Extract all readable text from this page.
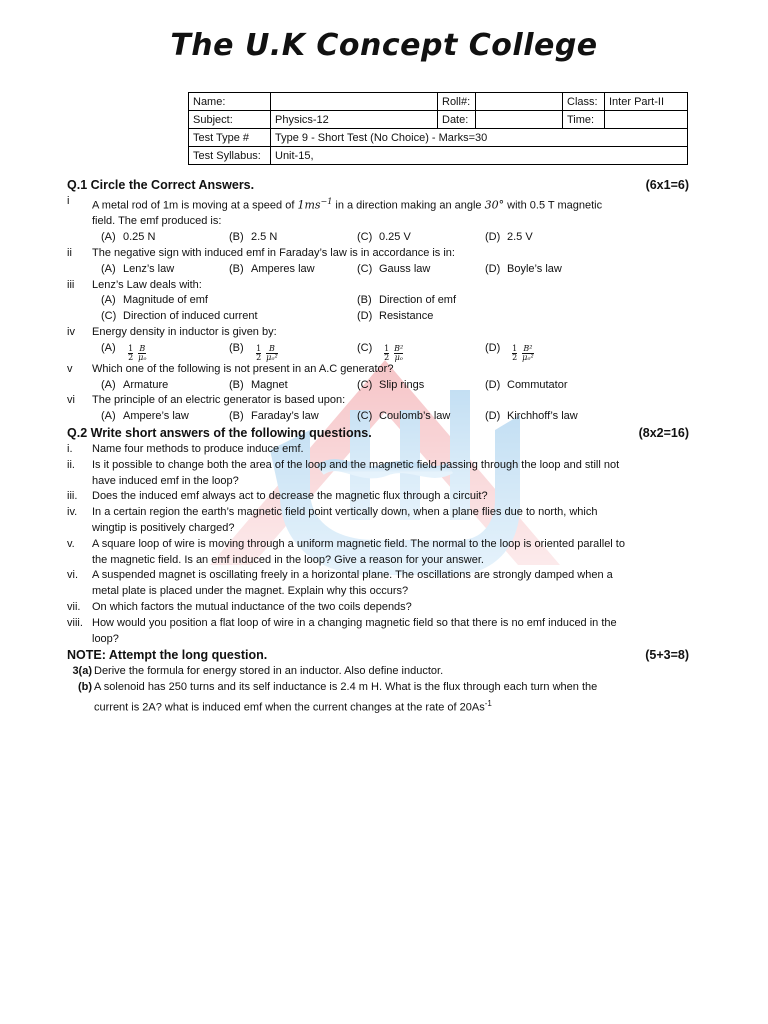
The U.K Concept College
Name:		Roll#:		Class:	Inter Part-II
Subject:	Physics-12	Date:		Time:	
Test Type #	Type 9 - Short Test (No Choice) - Marks=30				
Test Syllabus:	Unit-15,				
Q.1 Circle the Correct Answers.	(6x1=6)
i	A metal rod of 1m is moving at a speed of $1ms^{-1}$ in a direction making an angle 30° with 0.5 T magnetic
field. The emf produced is:
(A) 0.25 N	(B) 2.5 N	(C) 0.25 V	(D) 2.5 V
ii	The negative sign with induced emf in Faraday’s law is in accordance is in:
(A) Lenz’s law	(B) Amperes law	(C) Gauss law	(D) Boyle’s law
iii	Lenz’s Law deals with:
(A) Magnitude of emf	(B) Direction of emf
(C) Direction of induced current	(D) Resistance
iv	Energy density in inductor is given by:
$(A) \frac{1}{2} \frac{B}{\text{μₒ}}$	$(B) \frac{1}{2} \frac{B}{\text{μₒ²}}$	$(C) \frac{1}{2} \frac{\text{B²}}{\text{μₒ}}$	$(D) \frac{1}{2} \frac{\text{B²}}{\text{μₒ²}}$
v	Which one of the following is not present in an A.C generator?
(A) Armature	(B) Magnet	(C) Slip rings	(D) Commutator
vi	The principle of an electric generator is based upon:
(A) Ampere’s law	(B) Faraday’s law	(C) Coulomb’s law	(D) Kirchhoff’s law
Q.2 Write short answers of the following questions.	(8x2=16)
i.	Name four methods to produce induce emf.
ii.	Is it possible to change both the area of the loop and the magnetic field passing through the loop and still not
have induced emf in the loop?
iii.	Does the induced emf always act to decrease the magnetic flux through a circuit?
iv.	In a certain region the earth’s magnetic field point vertically down, when a plane flies due to north, which
wingtip is positively charged?
v.	A square loop of wire is moving through a uniform magnetic field. The normal to the loop is oriented parallel to
the magnetic field. Is an emf induced in the loop? Give a reason for your answer.
vi.	A suspended magnet is oscillating freely in a horizontal plane. The oscillations are strongly damped when a
metal plate is placed under the magnet. Explain why this occurs?
vii.	On which factors the mutual inductance of the two coils depends?
viii. How would you position a flat loop of wire in a changing magnetic field so that there is no emf induced in the
loop?
NOTE: Attempt the long question.	(5+3=8)
3(a) Derive the formula for energy stored in an inductor. Also define inductor.
(b) A solenoid has 250 turns and its self inductance is 2.4 m H. What is the flux through each turn when the
current is 2A? what is induced emf when the current changes at the rate of $20As^{-1}$
